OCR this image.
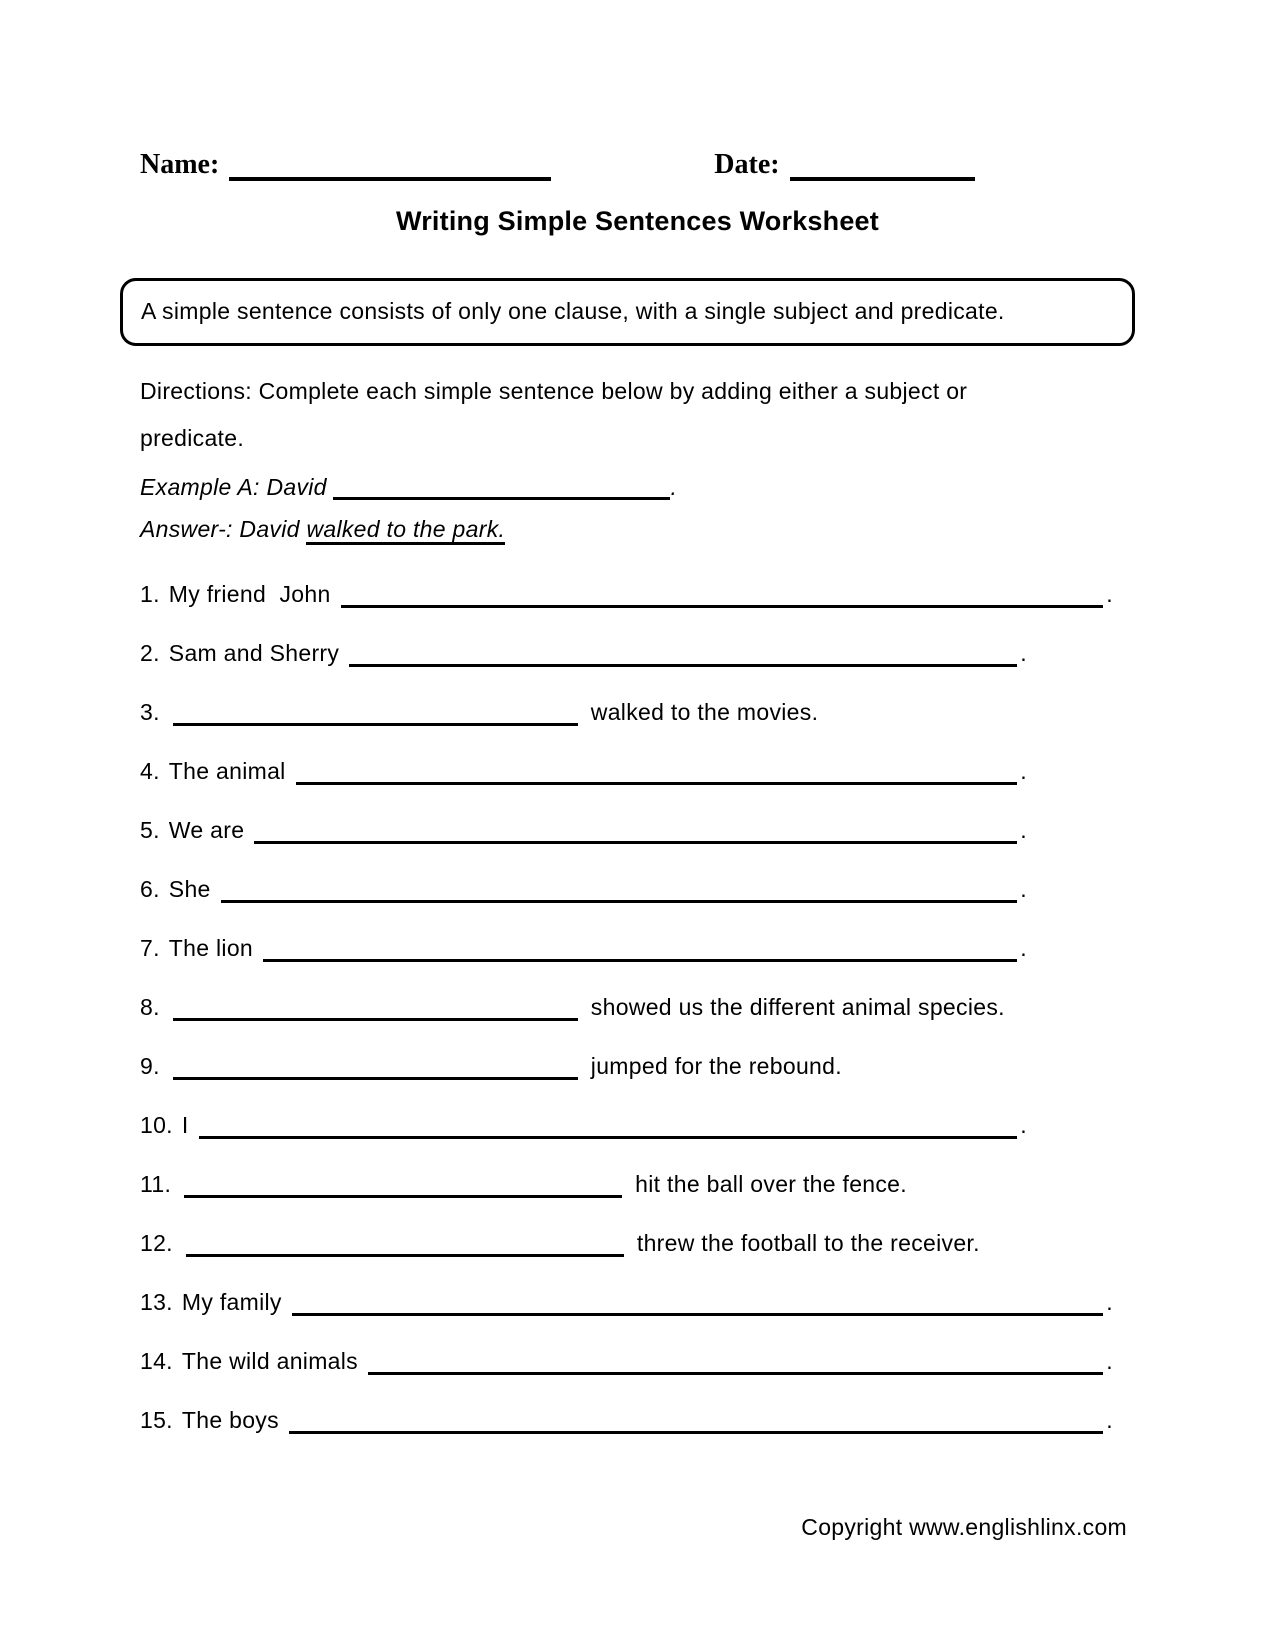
Name:	Date:
Writing Simple Sentences Worksheet
A simple sentence consists of only one clause, with a single subject and predicate.
Directions: Complete each simple sentence below by adding either a subject or predicate.
Example A: David	.
Answer-: David walked to the park.
1. My friend  John	.
2. Sam and Sherry	.
3.	walked to the movies.
4. The animal	.
5. We are	.
6. She	.
7. The lion	.
8.	showed us the different animal species.
9.	jumped for the rebound.
10. I	.
11.	hit the ball over the fence.
12.	threw the football to the receiver.
13. My family	.
14. The wild animals	.
15. The boys	.
Copyright www.englishlinx.com
